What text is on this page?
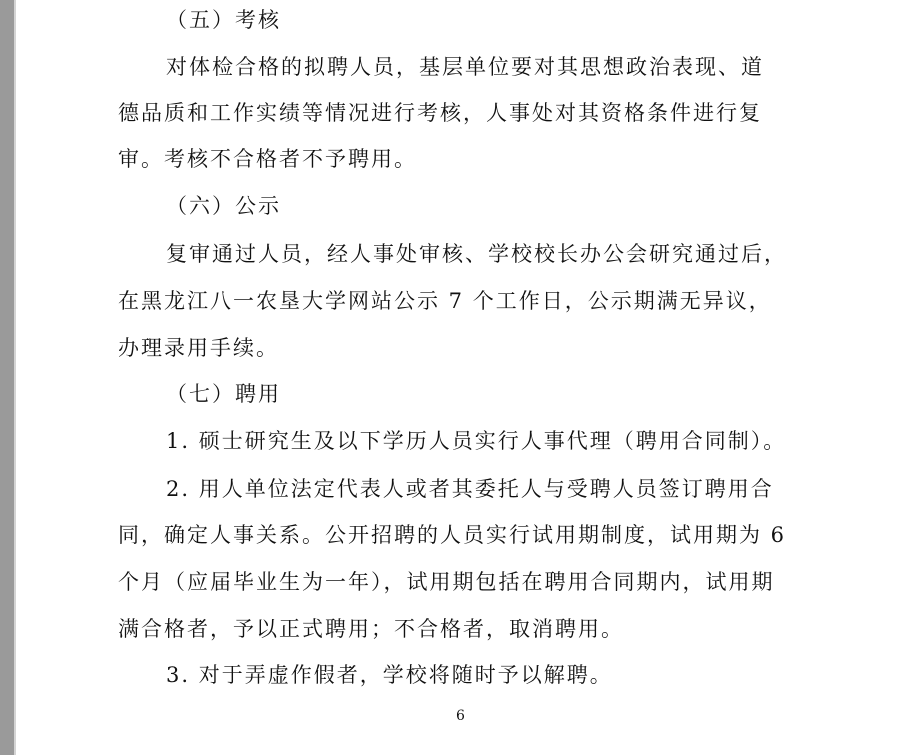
（五）考核
对体检合格的拟聘人员，基层单位要对其思想政治表现、道
德品质和工作实绩等情况进行考核，人事处对其资格条件进行复
审。考核不合格者不予聘用。
（六）公示
复审通过人员，经人事处审核、学校校长办公会研究通过后，
在黑龙江八一农垦大学网站公示 7 个工作日，公示期满无异议，
办理录用手续。
（七）聘用
1. 硕士研究生及以下学历人员实行人事代理（聘用合同制）。
2. 用人单位法定代表人或者其委托人与受聘人员签订聘用合
同，确定人事关系。公开招聘的人员实行试用期制度，试用期为 6
个月（应届毕业生为一年），试用期包括在聘用合同期内，试用期
满合格者，予以正式聘用；不合格者，取消聘用。
3. 对于弄虚作假者，学校将随时予以解聘。
6
